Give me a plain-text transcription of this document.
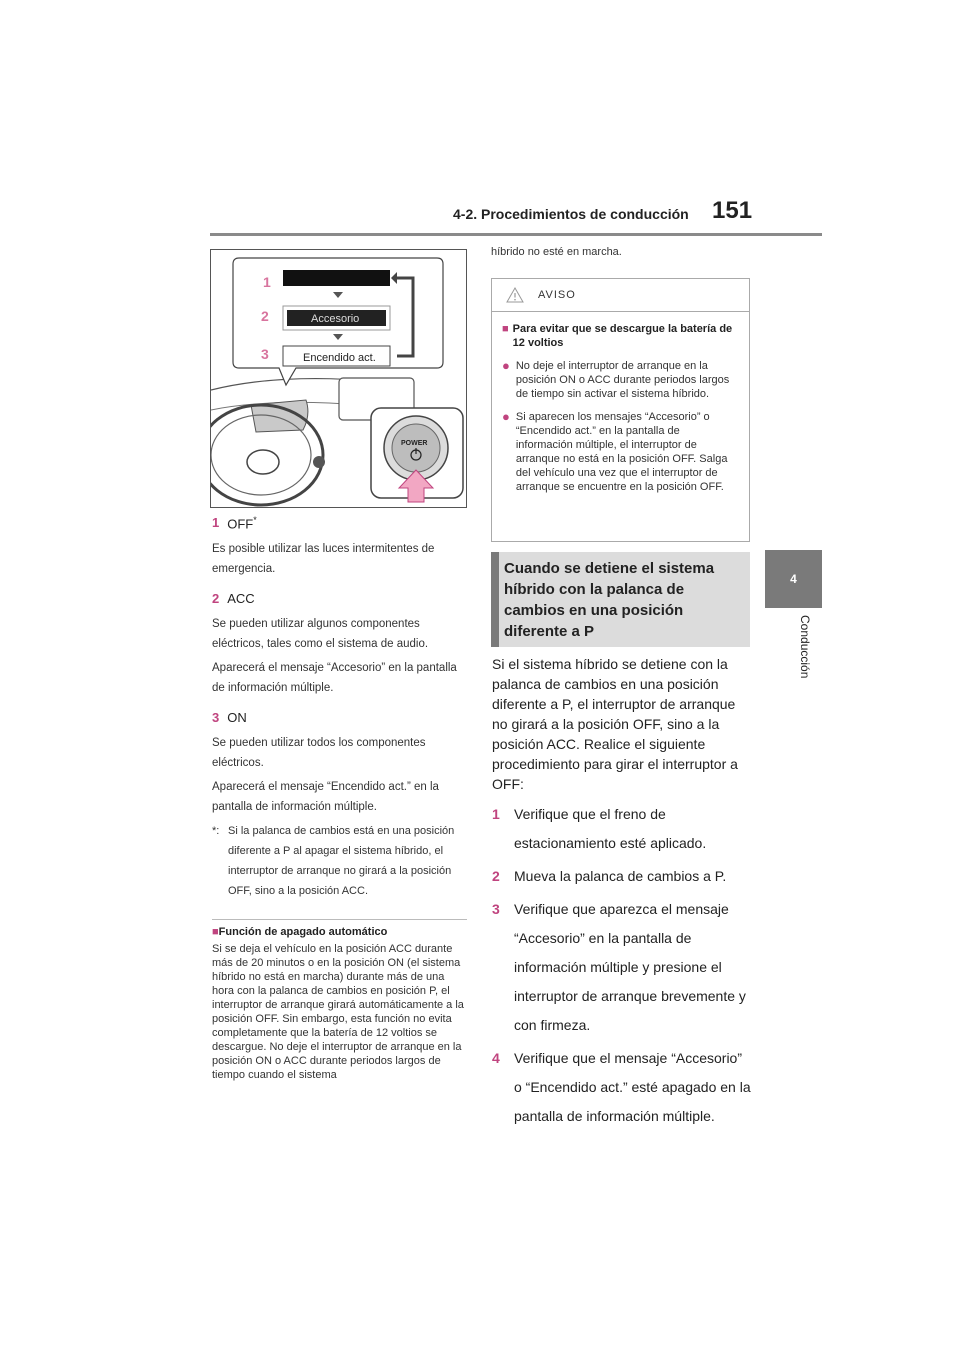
4-2. Procedimientos de conducción 151
4
Conducción
1
2
3
Accesorio
Encendido act.
POWER
1 OFF*

Es posible utilizar las luces intermitentes de emergencia.

2 ACC

Se pueden utilizar algunos componentes eléctricos, tales como el sistema de audio.

Aparecerá el mensaje “Accesorio” en la pantalla de información múltiple.

3 ON

Se pueden utilizar todos los componentes eléctricos.

Aparecerá el mensaje “Encendido act.” en la pantalla de información múltiple.

*: Si la palanca de cambios está en una posición diferente a P al apagar el sistema híbrido, el interruptor de arranque no girará a la posición OFF, sino a la posición ACC.
■Función de apagado automático

Si se deja el vehículo en la posición ACC durante más de 20 minutos o en la posición ON (el sistema híbrido no está en marcha) durante más de una hora con la palanca de cambios en posición P, el interruptor de arranque girará automáticamente a la posición OFF. Sin embargo, esta función no evita completamente que la batería de 12 voltios se descargue. No deje el interruptor de arranque en la posición ON o ACC durante periodos largos de tiempo cuando el sistema

híbrido no esté en marcha.
AVISO
■ Para evitar que se descargue la batería de 12 voltios
● No deje el interruptor de arranque en la posición ON o ACC durante periodos largos de tiempo sin activar el sistema híbrido.
● Si aparecen los mensajes “Accesorio” o “Encendido act.” en la pantalla de información múltiple, el interruptor de arranque no está en la posición OFF. Salga del vehículo una vez que el interruptor de arranque se encuentre en la posición OFF.
Cuando se detiene el sistema híbrido con la palanca de cambios en una posición diferente a P

Si el sistema híbrido se detiene con la palanca de cambios en una posición diferente a P, el interruptor de arranque no girará a la posición OFF, sino a la posición ACC. Realice el siguiente procedimiento para girar el interruptor a OFF:

1	Verifique que el freno de estacionamiento esté aplicado.
2	Mueva la palanca de cambios a P.
3	Verifique que aparezca el mensaje “Accesorio” en la pantalla de información múltiple y presione el interruptor de arranque brevemente y con firmeza.
4	Verifique que el mensaje “Accesorio” o “Encendido act.” esté apagado en la pantalla de información múltiple.
